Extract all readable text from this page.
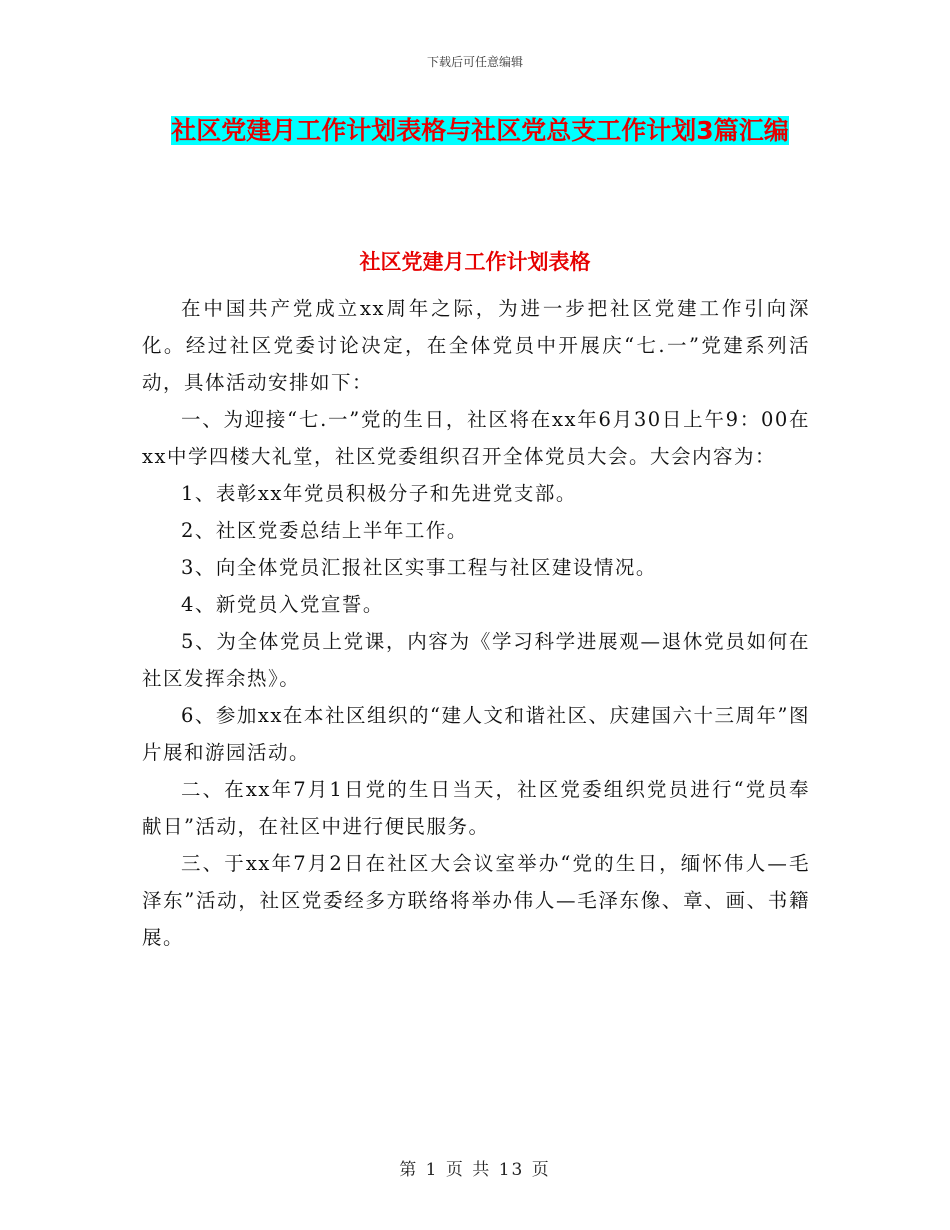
下载后可任意编辑
社区党建月工作计划表格与社区党总支工作计划3篇汇编
社区党建月工作计划表格

在中国共产党成立xx周年之际，为进一步把社区党建工作引向深化。经过社区党委讨论决定，在全体党员中开展庆“七.一”党建系列活动，具体活动安排如下：

一、为迎接“七.一”党的生日，社区将在xx年6月30日上午9：00在xx中学四楼大礼堂，社区党委组织召开全体党员大会。大会内容为：

1、表彰xx年党员积极分子和先进党支部。

2、社区党委总结上半年工作。

3、向全体党员汇报社区实事工程与社区建设情况。

4、新党员入党宣誓。

5、为全体党员上党课，内容为《学习科学进展观—退休党员如何在社区发挥余热》。

6、参加xx在本社区组织的“建人文和谐社区、庆建国六十三周年”图片展和游园活动。

二、在xx年7月1日党的生日当天，社区党委组织党员进行“党员奉献日”活动，在社区中进行便民服务。

三、于xx年7月2日在社区大会议室举办“党的生日，缅怀伟人—毛泽东”活动，社区党委经多方联络将举办伟人—毛泽东像、章、画、书籍展。

第 1 页 共 13 页
